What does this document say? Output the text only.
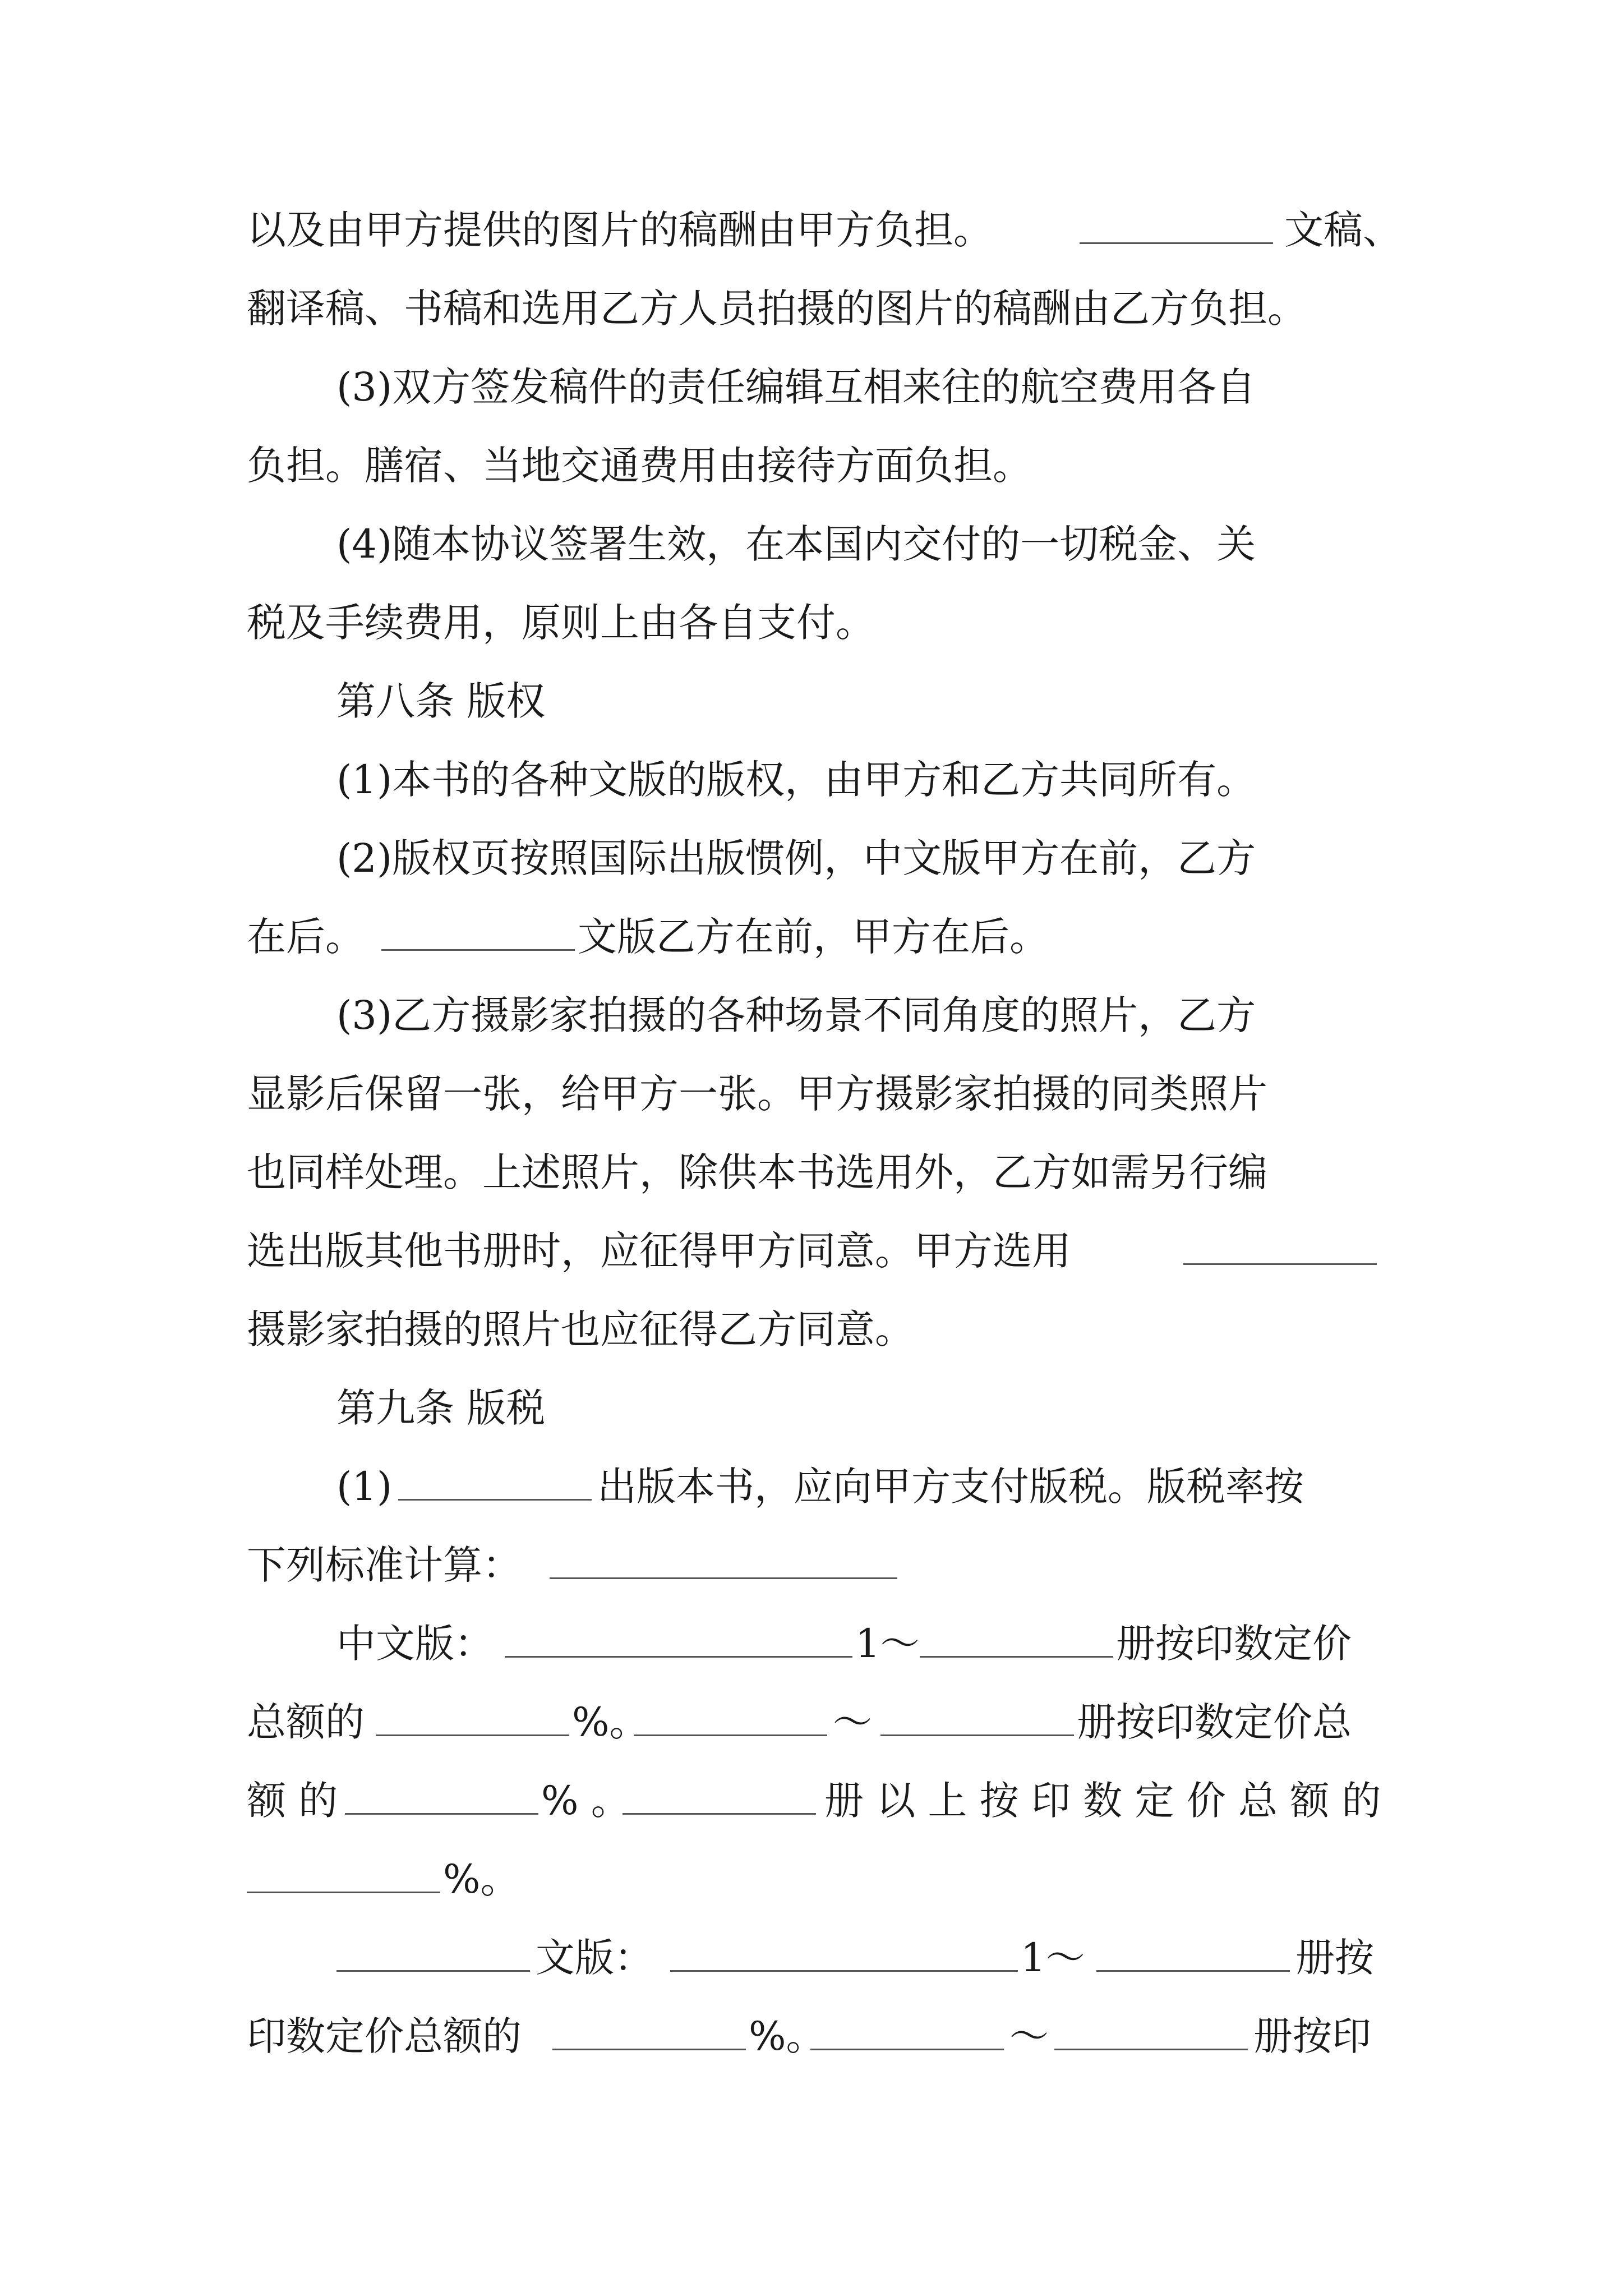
以及由甲方提供的图片的稿酬由甲方负担。	文稿、
翻译稿、书稿和选用乙方人员拍摄的图片的稿酬由乙方负担。
(3)双方签发稿件的责任编辑互相来往的航空费用各自
负担。膳宿、当地交通费用由接待方面负担。
(4)随本协议签署生效，在本国内交付的一切税金、关
税及手续费用，原则上由各自支付。
第八条 版权
(1)本书的各种文版的版权，由甲方和乙方共同所有。
(2)版权页按照国际出版惯例，中文版甲方在前，乙方
在后。	文版乙方在前，甲方在后。
(3)乙方摄影家拍摄的各种场景不同角度的照片，乙方
显影后保留一张，给甲方一张。甲方摄影家拍摄的同类照片
也同样处理。上述照片，除供本书选用外，乙方如需另行编
选出版其他书册时，应征得甲方同意。甲方选用
摄影家拍摄的照片也应征得乙方同意。
第九条 版税
(1)	出版本书，应向甲方支付版税。版税率按
下列标准计算：
中文版：	1～	册按印数定价
总额的	%。	～	册按印数定价总
额 的	% 。	册 以 上 按 印 数 定 价 总 额 的
%。
文版：	1～	册按
印数定价总额的	%。	～	册按印
